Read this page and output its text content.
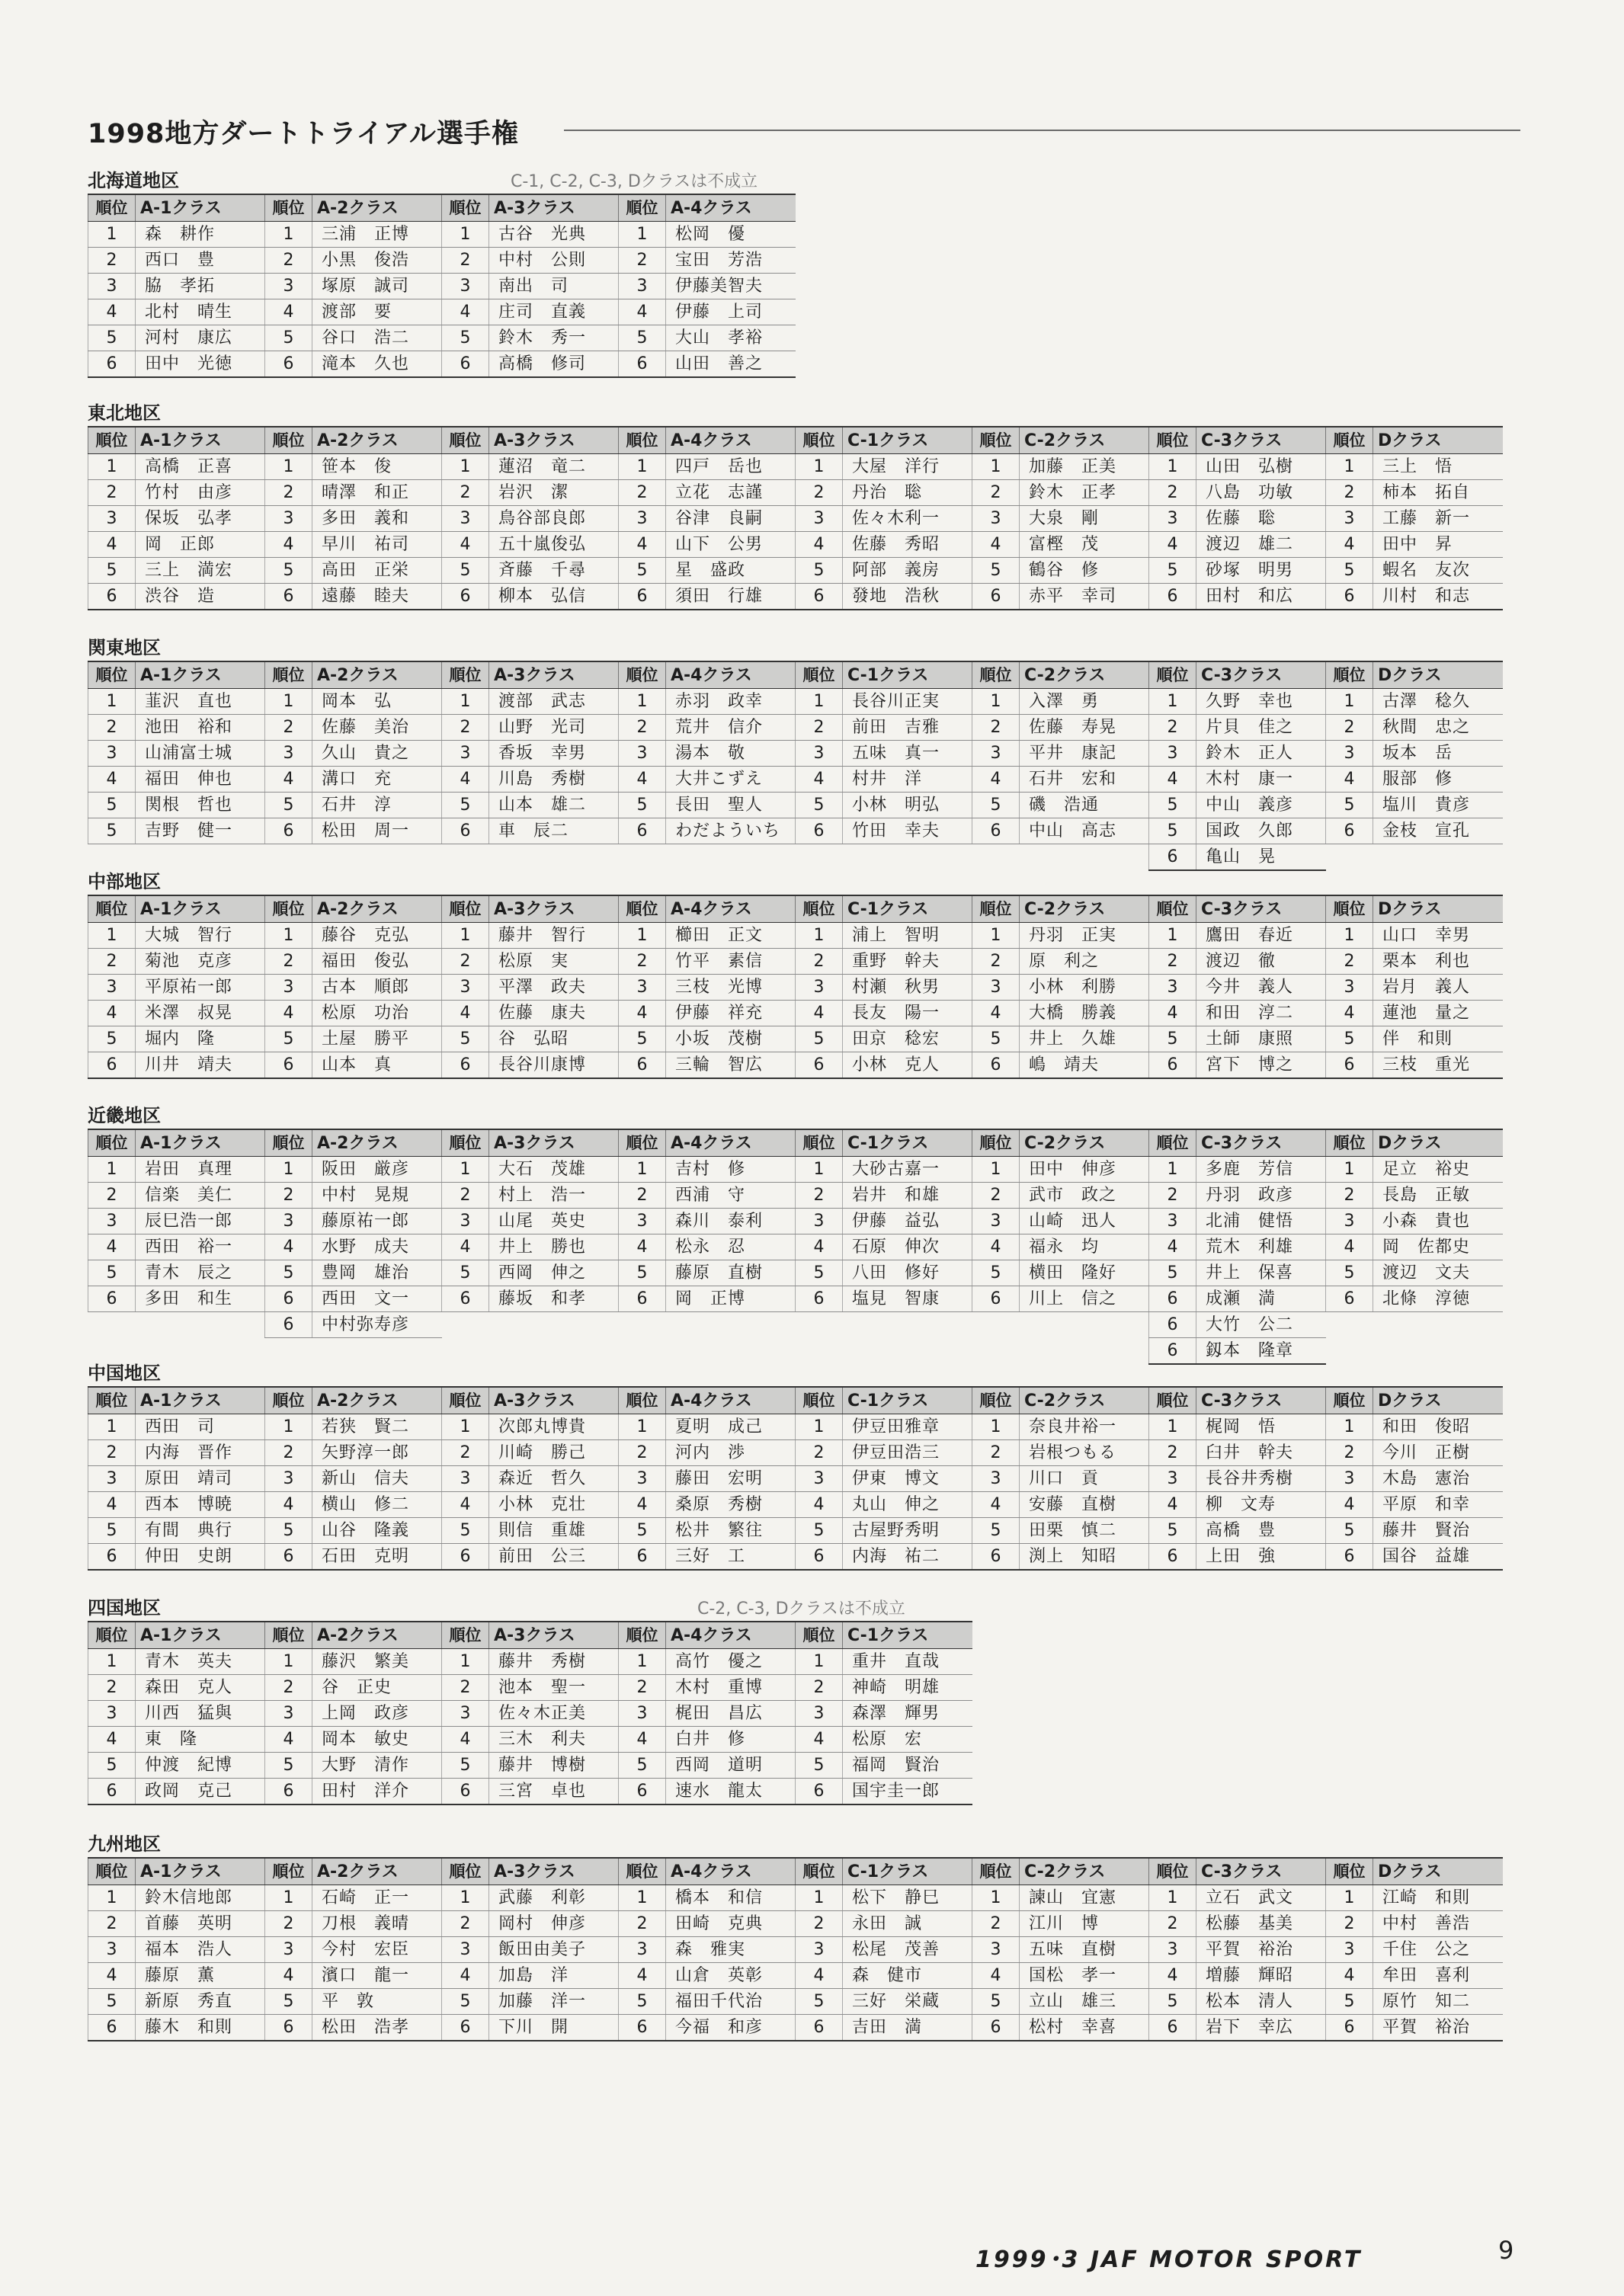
1998地方ダートトライアル選手権
北海道地区	C-1, C-2, C-3, Dクラスは不成立
順位	A-1クラス	順位	A-2クラス	順位	A-3クラス	順位	A-4クラス
1	森　耕作	1	三浦　正博	1	古谷　光典	1	松岡　優
2	西口　豊	2	小黒　俊浩	2	中村　公則	2	宝田　芳浩
3	脇　孝拓	3	塚原　誠司	3	南出　司	3	伊藤美智夫
4	北村　晴生	4	渡部　要	4	庄司　直義	4	伊藤　上司
5	河村　康広	5	谷口　浩二	5	鈴木　秀一	5	大山　孝裕
6	田中　光徳	6	滝本　久也	6	高橋　修司	6	山田　善之
東北地区
順位	A-1クラス	順位	A-2クラス	順位	A-3クラス	順位	A-4クラス	順位	C-1クラス	順位	C-2クラス	順位	C-3クラス	順位	Dクラス
1	高橋　正喜	1	笹本　俊	1	蓮沼　竜二	1	四戸　岳也	1	大屋　洋行	1	加藤　正美	1	山田　弘樹	1	三上　悟
2	竹村　由彦	2	晴澤　和正	2	岩沢　潔	2	立花　志謹	2	丹治　聡	2	鈴木　正孝	2	八島　功敏	2	柿本　拓自
3	保坂　弘孝	3	多田　義和	3	鳥谷部良郎	3	谷津　良嗣	3	佐々木利一	3	大泉　剛	3	佐藤　聡	3	工藤　新一
4	岡　正郎	4	早川　祐司	4	五十嵐俊弘	4	山下　公男	4	佐藤　秀昭	4	富樫　茂	4	渡辺　雄二	4	田中　昇
5	三上　満宏	5	高田　正栄	5	斉藤　千尋	5	星　盛政	5	阿部　義房	5	鶴谷　修	5	砂塚　明男	5	蝦名　友次
6	渋谷　造	6	遠藤　睦夫	6	柳本　弘信	6	須田　行雄	6	發地　浩秋	6	赤平　幸司	6	田村　和広	6	川村　和志
関東地区
順位	A-1クラス	順位	A-2クラス	順位	A-3クラス	順位	A-4クラス	順位	C-1クラス	順位	C-2クラス	順位	C-3クラス	順位	Dクラス
1	韮沢　直也	1	岡本　弘	1	渡部　武志	1	赤羽　政幸	1	長谷川正実	1	入澤　勇	1	久野　幸也	1	古澤　稔久
2	池田　裕和	2	佐藤　美治	2	山野　光司	2	荒井　信介	2	前田　吉雅	2	佐藤　寿晃	2	片貝　佳之	2	秋間　忠之
3	山浦富士城	3	久山　貴之	3	香坂　幸男	3	湯本　敬	3	五味　真一	3	平井　康記	3	鈴木　正人	3	坂本　岳
4	福田　伸也	4	溝口　充	4	川島　秀樹	4	大井こずえ	4	村井　洋	4	石井　宏和	4	木村　康一	4	服部　修
5	関根　哲也	5	石井　淳	5	山本　雄二	5	長田　聖人	5	小林　明弘	5	磯　浩通	5	中山　義彦	5	塩川　貴彦
5	吉野　健一	6	松田　周一	6	車　辰二	6	わだよういち	6	竹田　幸夫	6	中山　高志	5	国政　久郎	6	金枝　宣孔
												6	亀山　晃		
中部地区
順位	A-1クラス	順位	A-2クラス	順位	A-3クラス	順位	A-4クラス	順位	C-1クラス	順位	C-2クラス	順位	C-3クラス	順位	Dクラス
1	大城　智行	1	藤谷　克弘	1	藤井　智行	1	櫛田　正文	1	浦上　智明	1	丹羽　正実	1	鷹田　春近	1	山口　幸男
2	菊池　克彦	2	福田　俊弘	2	松原　実	2	竹平　素信	2	重野　幹夫	2	原　利之	2	渡辺　徹	2	栗本　利也
3	平原祐一郎	3	古本　順郎	3	平澤　政夫	3	三枝　光博	3	村瀬　秋男	3	小林　利勝	3	今井　義人	3	岩月　義人
4	米澤　叔晃	4	松原　功治	4	佐藤　康夫	4	伊藤　祥充	4	長友　陽一	4	大橋　勝義	4	和田　淳二	4	蓮池　量之
5	堀内　隆	5	土屋　勝平	5	谷　弘昭	5	小坂　茂樹	5	田京　稔宏	5	井上　久雄	5	土師　康照	5	伴　和則
6	川井　靖夫	6	山本　真	6	長谷川康博	6	三輪　智広	6	小林　克人	6	嶋　靖夫	6	宮下　博之	6	三枝　重光
近畿地区
順位	A-1クラス	順位	A-2クラス	順位	A-3クラス	順位	A-4クラス	順位	C-1クラス	順位	C-2クラス	順位	C-3クラス	順位	Dクラス
1	岩田　真理	1	阪田　厳彦	1	大石　茂雄	1	吉村　修	1	大砂古嘉一	1	田中　伸彦	1	多鹿　芳信	1	足立　裕史
2	信楽　美仁	2	中村　晃規	2	村上　浩一	2	西浦　守	2	岩井　和雄	2	武市　政之	2	丹羽　政彦	2	長島　正敏
3	辰巳浩一郎	3	藤原祐一郎	3	山尾　英史	3	森川　泰利	3	伊藤　益弘	3	山崎　迅人	3	北浦　健悟	3	小森　貴也
4	西田　裕一	4	水野　成夫	4	井上　勝也	4	松永　忍	4	石原　伸次	4	福永　均	4	荒木　利雄	4	岡　佐都史
5	青木　辰之	5	豊岡　雄治	5	西岡　伸之	5	藤原　直樹	5	八田　修好	5	横田　隆好	5	井上　保喜	5	渡辺　文夫
6	多田　和生	6	西田　文一	6	藤坂　和孝	6	岡　正博	6	塩見　智康	6	川上　信之	6	成瀬　満	6	北條　淳徳
		6	中村弥寿彦									6	大竹　公二		
												6	釼本　隆章		
中国地区
順位	A-1クラス	順位	A-2クラス	順位	A-3クラス	順位	A-4クラス	順位	C-1クラス	順位	C-2クラス	順位	C-3クラス	順位	Dクラス
1	西田　司	1	若狭　賢二	1	次郎丸博貴	1	夏明　成己	1	伊豆田雅章	1	奈良井裕一	1	梶岡　悟	1	和田　俊昭
2	内海　晋作	2	矢野淳一郎	2	川崎　勝己	2	河内　渉	2	伊豆田浩三	2	岩根つもる	2	臼井　幹夫	2	今川　正樹
3	原田　靖司	3	新山　信夫	3	森近　哲久	3	藤田　宏明	3	伊東　博文	3	川口　貢	3	長谷井秀樹	3	木島　憲治
4	西本　博暁	4	横山　修二	4	小林　克壮	4	桑原　秀樹	4	丸山　伸之	4	安藤　直樹	4	柳　文寿	4	平原　和幸
5	有間　典行	5	山谷　隆義	5	則信　重雄	5	松井　繁往	5	古屋野秀明	5	田栗　慎二	5	高橋　豊	5	藤井　賢治
6	仲田　史朗	6	石田　克明	6	前田　公三	6	三好　工	6	内海　祐二	6	渕上　知昭	6	上田　強	6	国谷　益雄
四国地区	C-2, C-3, Dクラスは不成立
順位	A-1クラス	順位	A-2クラス	順位	A-3クラス	順位	A-4クラス	順位	C-1クラス
1	青木　英夫	1	藤沢　繁美	1	藤井　秀樹	1	高竹　優之	1	重井　直哉
2	森田　克人	2	谷　正史	2	池本　聖一	2	木村　重博	2	神崎　明雄
3	川西　猛與	3	上岡　政彦	3	佐々木正美	3	梶田　昌広	3	森澤　輝男
4	東　隆	4	岡本　敏史	4	三木　利夫	4	白井　修	4	松原　宏
5	仲渡　紀博	5	大野　清作	5	藤井　博樹	5	西岡　道明	5	福岡　賢治
6	政岡　克己	6	田村　洋介	6	三宮　卓也	6	速水　龍太	6	国宇圭一郎
九州地区
順位	A-1クラス	順位	A-2クラス	順位	A-3クラス	順位	A-4クラス	順位	C-1クラス	順位	C-2クラス	順位	C-3クラス	順位	Dクラス
1	鈴木信地郎	1	石崎　正一	1	武藤　利彰	1	橋本　和信	1	松下　静巳	1	諫山　宜憲	1	立石　武文	1	江崎　和則
2	首藤　英明	2	刀根　義晴	2	岡村　伸彦	2	田崎　克典	2	永田　誠	2	江川　博	2	松藤　基美	2	中村　善浩
3	福本　浩人	3	今村　宏臣	3	飯田由美子	3	森　雅実	3	松尾　茂善	3	五味　直樹	3	平賀　裕治	3	千住　公之
4	藤原　薫	4	濱口　龍一	4	加島　洋	4	山倉　英彰	4	森　健市	4	国松　孝一	4	増藤　輝昭	4	牟田　喜利
5	新原　秀直	5	平　敦	5	加藤　洋一	5	福田千代治	5	三好　栄蔵	5	立山　雄三	5	松本　清人	5	原竹　知二
6	藤木　和則	6	松田　浩孝	6	下川　開	6	今福　和彦	6	吉田　満	6	松村　幸喜	6	岩下　幸広	6	平賀　裕治
1999･3 JAF MOTOR SPORT	9
